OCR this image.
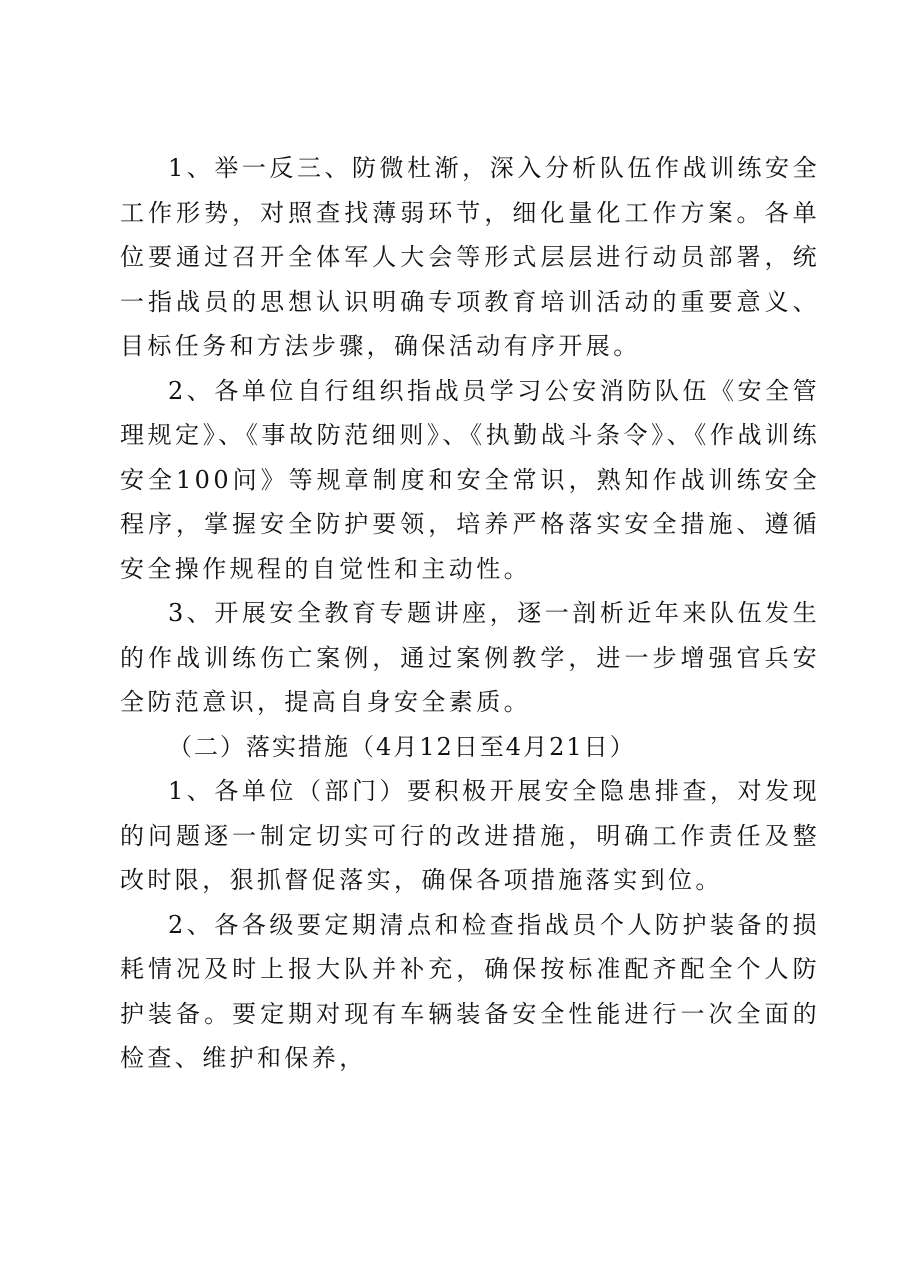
1、举一反三、防微杜渐，深入分析队伍作战训练安全工作形势，对照查找薄弱环节，细化量化工作方案。各单位要通过召开全体军人大会等形式层层进行动员部署，统一指战员的思想认识明确专项教育培训活动的重要意义、目标任务和方法步骤，确保活动有序开展。

2、各单位自行组织指战员学习公安消防队伍《安全管理规定》、《事故防范细则》、《执勤战斗条令》、《作战训练安全100问》等规章制度和安全常识，熟知作战训练安全程序，掌握安全防护要领，培养严格落实安全措施、遵循安全操作规程的自觉性和主动性。

3、开展安全教育专题讲座，逐一剖析近年来队伍发生的作战训练伤亡案例，通过案例教学，进一步增强官兵安全防范意识，提高自身安全素质。

（二）落实措施（4月12日至4月21日）

1、各单位（部门）要积极开展安全隐患排查，对发现的问题逐一制定切实可行的改进措施，明确工作责任及整改时限，狠抓督促落实，确保各项措施落实到位。

2、各各级要定期清点和检查指战员个人防护装备的损耗情况及时上报大队并补充，确保按标准配齐配全个人防护装备。要定期对现有车辆装备安全性能进行一次全面的检查、维护和保养，
